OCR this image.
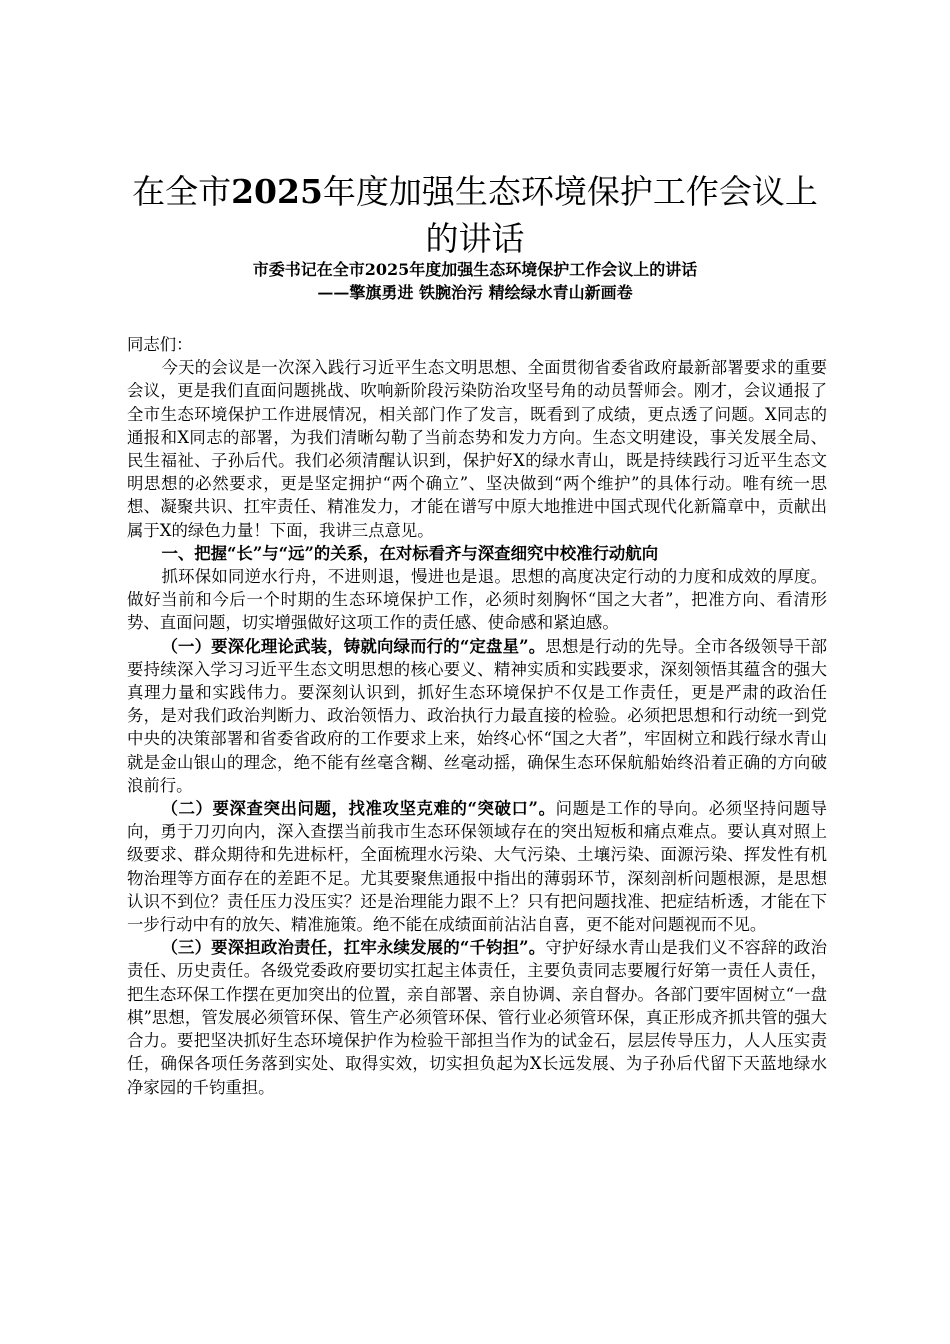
在全市2025年度加强生态环境保护工作会议上的讲话
市委书记在全市2025年度加强生态环境保护工作会议上的讲话
——擎旗勇进 铁腕治污 精绘绿水青山新画卷

同志们：

今天的会议是一次深入践行习近平生态文明思想、全面贯彻省委省政府最新部署要求的重要会议，更是我们直面问题挑战、吹响新阶段污染防治攻坚号角的动员誓师会。刚才，会议通报了全市生态环境保护工作进展情况，相关部门作了发言，既看到了成绩，更点透了问题。X同志的通报和X同志的部署，为我们清晰勾勒了当前态势和发力方向。生态文明建设，事关发展全局、民生福祉、子孙后代。我们必须清醒认识到，保护好X的绿水青山，既是持续践行习近平生态文明思想的必然要求，更是坚定拥护“两个确立”、坚决做到“两个维护”的具体行动。唯有统一思想、凝聚共识、扛牢责任、精准发力，才能在谱写中原大地推进中国式现代化新篇章中，贡献出属于X的绿色力量！下面，我讲三点意见。

一、把握“长”与“远”的关系，在对标看齐与深查细究中校准行动航向

抓环保如同逆水行舟，不进则退，慢进也是退。思想的高度决定行动的力度和成效的厚度。做好当前和今后一个时期的生态环境保护工作，必须时刻胸怀“国之大者”，把准方向、看清形势、直面问题，切实增强做好这项工作的责任感、使命感和紧迫感。

（一）要深化理论武装，铸就向绿而行的“定盘星”。思想是行动的先导。全市各级领导干部要持续深入学习习近平生态文明思想的核心要义、精神实质和实践要求，深刻领悟其蕴含的强大真理力量和实践伟力。要深刻认识到，抓好生态环境保护不仅是工作责任，更是严肃的政治任务，是对我们政治判断力、政治领悟力、政治执行力最直接的检验。必须把思想和行动统一到党中央的决策部署和省委省政府的工作要求上来，始终心怀“国之大者”，牢固树立和践行绿水青山就是金山银山的理念，绝不能有丝毫含糊、丝毫动摇，确保生态环保航船始终沿着正确的方向破浪前行。

（二）要深查突出问题，找准攻坚克难的“突破口”。问题是工作的导向。必须坚持问题导向，勇于刀刃向内，深入查摆当前我市生态环保领域存在的突出短板和痛点难点。要认真对照上级要求、群众期待和先进标杆，全面梳理水污染、大气污染、土壤污染、面源污染、挥发性有机物治理等方面存在的差距不足。尤其要聚焦通报中指出的薄弱环节，深刻剖析问题根源，是思想认识不到位？责任压力没压实？还是治理能力跟不上？只有把问题找准、把症结析透，才能在下一步行动中有的放矢、精准施策。绝不能在成绩面前沾沾自喜，更不能对问题视而不见。

（三）要深担政治责任，扛牢永续发展的“千钧担”。守护好绿水青山是我们义不容辞的政治责任、历史责任。各级党委政府要切实扛起主体责任，主要负责同志要履行好第一责任人责任，把生态环保工作摆在更加突出的位置，亲自部署、亲自协调、亲自督办。各部门要牢固树立“一盘棋”思想，管发展必须管环保、管生产必须管环保、管行业必须管环保，真正形成齐抓共管的强大合力。要把坚决抓好生态环境保护作为检验干部担当作为的试金石，层层传导压力，人人压实责任，确保各项任务落到实处、取得实效，切实担负起为X长远发展、为子孙后代留下天蓝地绿水净家园的千钧重担。
